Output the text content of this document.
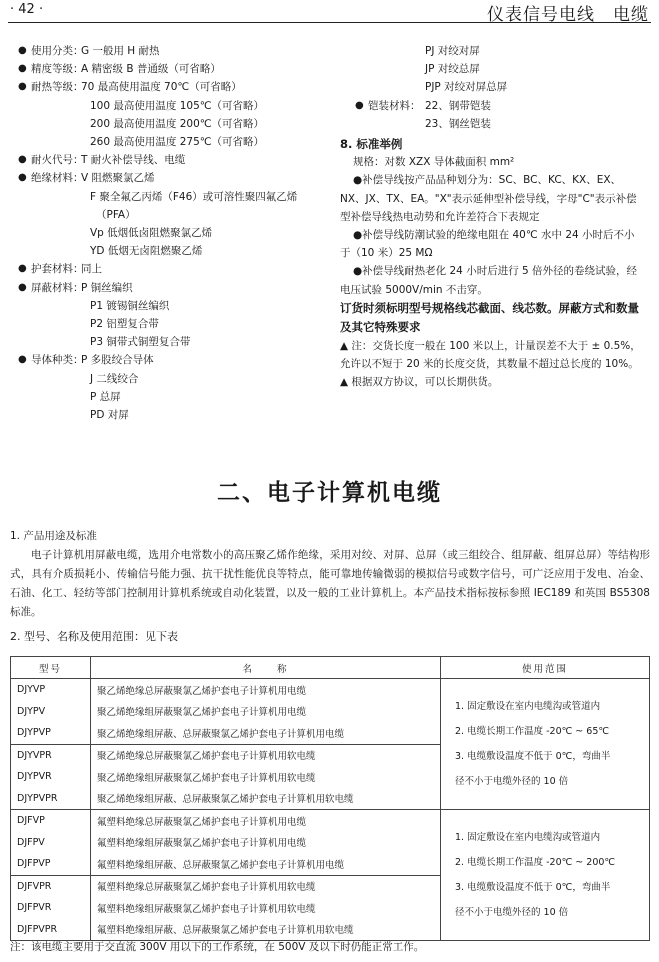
· 42 ·	仪表信号电线　电缆
● 使用分类：
G 一般用 H 耐热
● 精度等级：
A 精密级 B 普通级（可省略）
● 耐热等级：
70 最高使用温度 70℃（可省略）
100 最高使用温度 105℃（可省略）
200 最高使用温度 200℃（可省略）
260 最高使用温度 275℃（可省略）
● 耐火代号：
T 耐火补偿导线、电缆
● 绝缘材料：
V 阻燃聚氯乙烯
F 聚全氟乙丙烯（F46）或可溶性聚四氟乙烯
（PFA）
Vp 低烟低卤阻燃聚氯乙烯
YD 低烟无卤阻燃聚乙烯
● 护套材料：
同上
● 屏蔽材料：
P 铜丝编织
P1 镀锡铜丝编织
P2 铝塑复合带
P3 铜带式铜塑复合带
● 导体种类：
P 多股绞合导体
J 二线绞合
P 总屏
PD 对屏
PJ 对绞对屏
JP 对绞总屏
PJP 对绞对屏总屏
● 铠装材料： 22、钢带铠装
23、钢丝铠装
8. 标准举例
规格：对数 XZX 导体截面积 mm²
●补偿导线按产品品种划分为：SC、BC、KC、KX、EX、NX、JX、TX、EA。"X"表示延伸型补偿导线，字母"C"表示补偿型补偿导线热电动势和允许差符合下表规定
●补偿导线防潮试验的绝缘电阻在 40℃ 水中 24 小时后不小于（10 米）25 MΩ
●补偿导线耐热老化 24 小时后进行 5 倍外径的卷绕试验，经电压试验 5000V/min 不击穿。
订货时须标明型号规格线芯截面、线芯数。屏蔽方式和数量及其它特殊要求
▲ 注：交货长度一般在 100 米以上，计量误差不大于 ± 0.5%，允许以不短于 20 米的长度交货，其数量不超过总长度的 10%。
▲ 根据双方协议，可以长期供货。
二、电子计算机电缆
1. 产品用途及标准
电子计算机用屏蔽电缆，选用介电常数小的高压聚乙烯作绝缘，采用对绞、对屏、总屏（或三组绞合、组屏蔽、组屏总屏）等结构形式，具有介质损耗小、传输信号能力强、抗干扰性能优良等特点，能可靠地传输微弱的模拟信号或数字信号，可广泛应用于发电、冶金、石油、化工、轻纺等部门控制用计算机系统或自动化装置，以及一般的工业计算机上。本产品技术指标按标参照 IEC189 和英国 BS5308 标准。
2. 型号、名称及使用范围：见下表
型号	名　　称	使用范围
DJYVP	聚乙烯绝缘总屏蔽聚氯乙烯护套电子计算机用电缆	1. 固定敷设在室内电缆沟或管道内
2. 电缆长期工作温度 -20℃ ~ 65℃
3. 电缆敷设温度不低于 0℃，弯曲半
径不小于电缆外径的 10 倍

DJYPV	聚乙烯绝缘组屏蔽聚氯乙烯护套电子计算机用电缆	
DJYPVP	聚乙烯绝缘组屏蔽、总屏蔽聚氯乙烯护套电子计算机用电缆	
DJYVPR	聚乙烯绝缘总屏蔽聚氯乙烯护套电子计算机用软电缆	
DJYPVR	聚乙烯绝缘组屏蔽聚氯乙烯护套电子计算机用软电缆	
DJYPVPR	聚乙烯绝缘组屏蔽、总屏蔽聚氯乙烯护套电子计算机用软电缆	
DJFVP	氟塑料绝缘总屏蔽聚氯乙烯护套电子计算机用电缆	1. 固定敷设在室内电缆沟或管道内
2. 电缆长期工作温度 -20℃ ~ 200℃
3. 电缆敷设温度不低于 0℃，弯曲半
径不小于电缆外径的 10 倍

DJFPV	氟塑料绝缘组屏蔽聚氯乙烯护套电子计算机用电缆	
DJFPVP	氟塑料绝缘组屏蔽、总屏蔽聚氯乙烯护套电子计算机用电缆	
DJFVPR	氟塑料绝缘总屏蔽聚氯乙烯护套电子计算机用软电缆	
DJFPVR	氟塑料绝缘组屏蔽聚氯乙烯护套电子计算机用软电缆	
DJFPVPR	氟塑料绝缘组屏蔽、总屏蔽聚氯乙烯护套电子计算机用软电缆	
注：该电缆主要用于交直流 300V 用以下的工作系统，在 500V 及以下时仍能正常工作。
